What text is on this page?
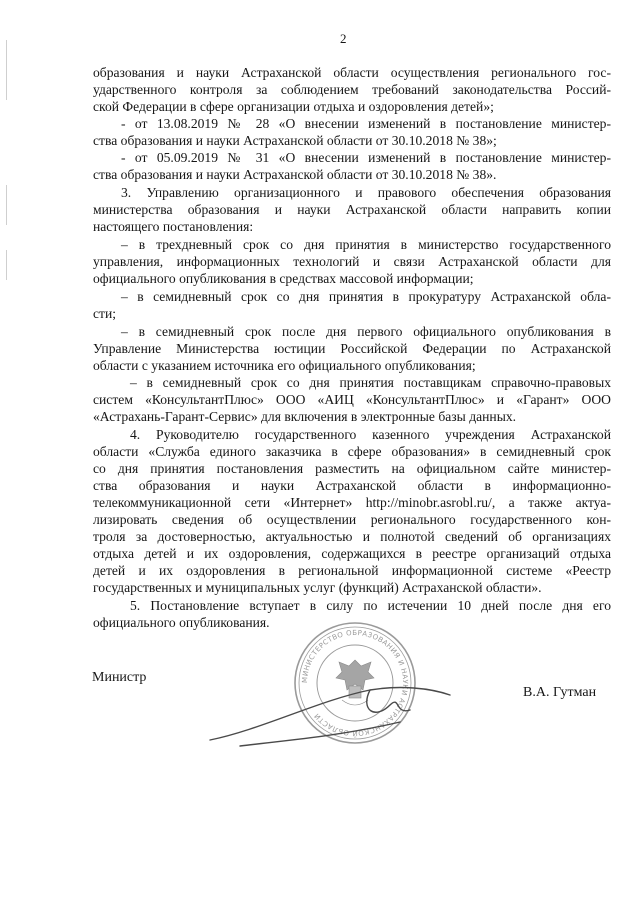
2
образования и науки Астраханской области осуществления регионального гос-
ударственного контроля за соблюдением требований законодательства Россий-
ской Федерации в сфере организации отдыха и оздоровления детей»;
- от 13.08.2019 № 28 «О внесении изменений в постановление министер-
ства образования и науки Астраханской области от 30.10.2018 № 38»;
- от 05.09.2019 № 31 «О внесении изменений в постановление министер-
ства образования и науки Астраханской области от 30.10.2018 № 38».
3. Управлению организационного и правового обеспечения образования
министерства образования и науки Астраханской области направить копии
настоящего постановления:
– в трехдневный срок со дня принятия в министерство государственного
управления, информационных технологий и связи Астраханской области для
официального опубликования в средствах массовой информации;
– в семидневный срок со дня принятия в прокуратуру Астраханской обла-
сти;
– в семидневный срок после дня первого официального опубликования в
Управление Министерства юстиции Российской Федерации по Астраханской
области с указанием источника его официального опубликования;
– в семидневный срок со дня принятия поставщикам справочно-правовых
систем «КонсультантПлюс» ООО «АИЦ «КонсультантПлюс» и «Гарант» ООО
«Астрахань-Гарант-Сервис» для включения в электронные базы данных.
4. Руководителю государственного казенного учреждения Астраханской
области «Служба единого заказчика в сфере образования» в семидневный срок
со дня принятия постановления разместить на официальном сайте министер-
ства образования и науки Астраханской области в информационно-
телекоммуникационной сети «Интернет» http://minobr.asrobl.ru/, а также актуа-
лизировать сведения об осуществлении регионального государственного кон-
троля за достоверностью, актуальностью и полнотой сведений об организациях
отдыха детей и их оздоровления, содержащихся в реестре организаций отдыха
детей и их оздоровления в региональной информационной системе «Реестр
государственных и муниципальных услуг (функций) Астраханской области».
5. Постановление вступает в силу по истечении 10 дней после дня его
официального опубликования.
МИНИСТЕРСТВО ОБРАЗОВАНИЯ И НАУКИ АСТРАХАНСКОЙ ОБЛАСТИ
Министр
В.А. Гутман
